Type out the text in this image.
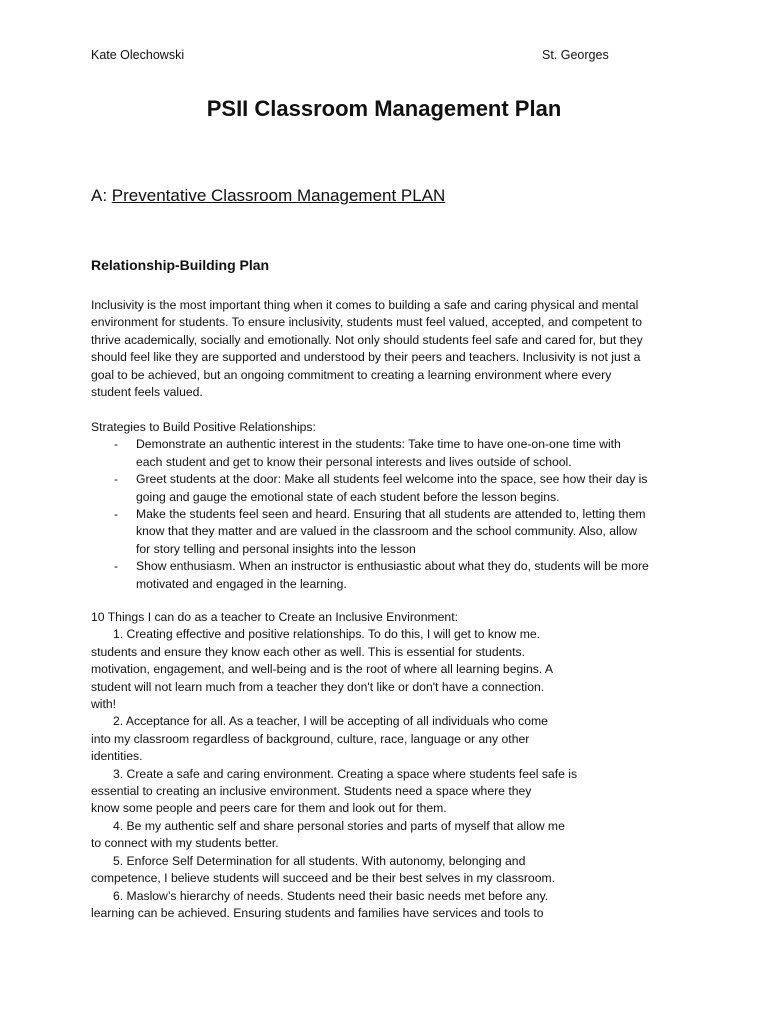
Kate Olechowski	St. Georges
PSII Classroom Management Plan
A: Preventative Classroom Management PLAN
Relationship-Building Plan
Inclusivity is the most important thing when it comes to building a safe and caring physical and mental
environment for students. To ensure inclusivity, students must feel valued, accepted, and competent to
thrive academically, socially and emotionally. Not only should students feel safe and cared for, but they
should feel like they are supported and understood by their peers and teachers. Inclusivity is not just a
goal to be achieved, but an ongoing commitment to creating a learning environment where every
student feels valued.
Strategies to Build Positive Relationships:
- Demonstrate an authentic interest in the students: Take time to have one-on-one time with
each student and get to know their personal interests and lives outside of school.
- Greet students at the door: Make all students feel welcome into the space, see how their day is
going and gauge the emotional state of each student before the lesson begins.
- Make the students feel seen and heard. Ensuring that all students are attended to, letting them
know that they matter and are valued in the classroom and the school community. Also, allow
for story telling and personal insights into the lesson
- Show enthusiasm. When an instructor is enthusiastic about what they do, students will be more
motivated and engaged in the learning.
10 Things I can do as a teacher to Create an Inclusive Environment:
1. Creating effective and positive relationships. To do this, I will get to know me.
students and ensure they know each other as well. This is essential for students.
motivation, engagement, and well-being and is the root of where all learning begins. A
student will not learn much from a teacher they don't like or don't have a connection.
with!
2. Acceptance for all. As a teacher, I will be accepting of all individuals who come
into my classroom regardless of background, culture, race, language or any other
identities.
3. Create a safe and caring environment. Creating a space where students feel safe is
essential to creating an inclusive environment. Students need a space where they
know some people and peers care for them and look out for them.
4. Be my authentic self and share personal stories and parts of myself that allow me
to connect with my students better.
5. Enforce Self Determination for all students. With autonomy, belonging and
competence, I believe students will succeed and be their best selves in my classroom.
6. Maslow’s hierarchy of needs. Students need their basic needs met before any.
learning can be achieved. Ensuring students and families have services and tools to
